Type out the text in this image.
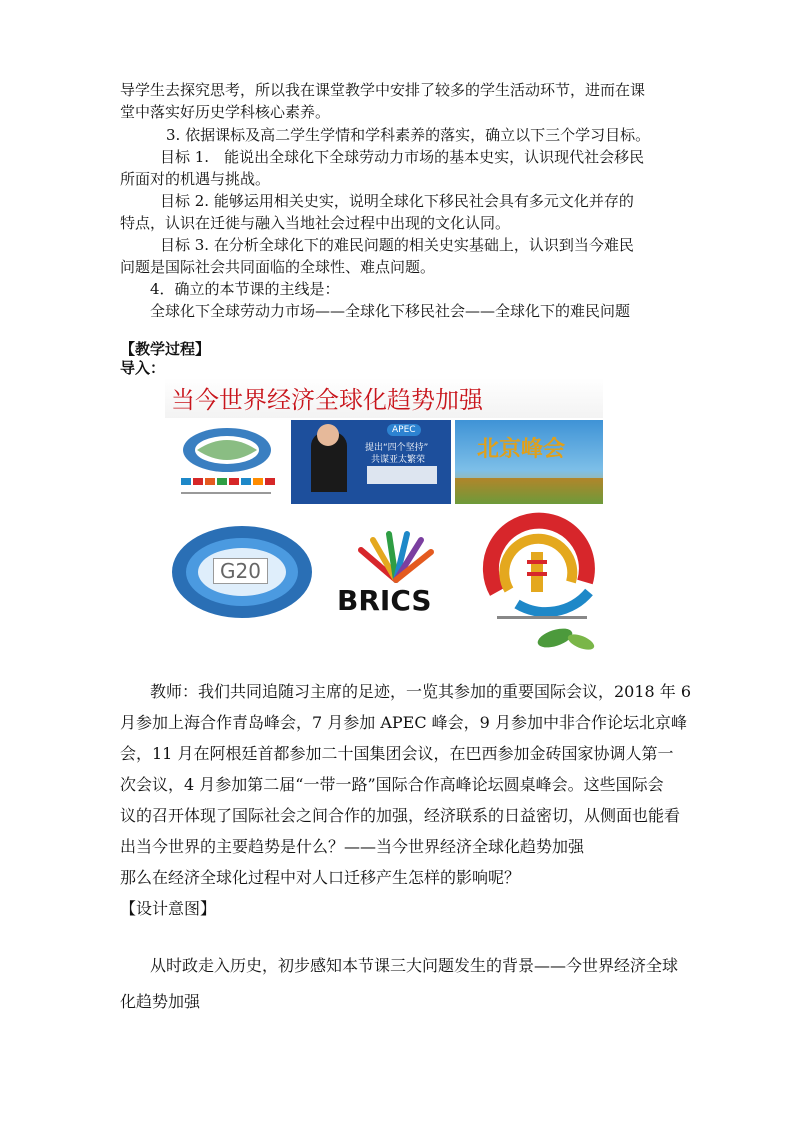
导学生去探究思考，所以我在课堂教学中安排了较多的学生活动环节，进而在课
堂中落实好历史学科核心素养。
3. 依据课标及高二学生学情和学科素养的落实，确立以下三个学习目标。
目标 1.　能说出全球化下全球劳动力市场的基本史实，认识现代社会移民
所面对的机遇与挑战。
目标 2. 能够运用相关史实，说明全球化下移民社会具有多元文化并存的
特点，认识在迁徙与融入当地社会过程中出现的文化认同。
目标 3. 在分析全球化下的难民问题的相关史实基础上，认识到当今难民
问题是国际社会共同面临的全球性、难点问题。
4．确立的本节课的主线是：
全球化下全球劳动力市场——全球化下移民社会——全球化下的难民问题
【教学过程】
导入：
当今世界经济全球化趋势加强
APEC
提出“四个坚持”
共谋亚太繁荣 北京峰会
G20
BRICS
教师：我们共同追随习主席的足迹，一览其参加的重要国际会议，2018 年 6
月参加上海合作青岛峰会，7 月参加 APEC 峰会，9 月参加中非合作论坛北京峰
会，11 月在阿根廷首都参加二十国集团会议，在巴西参加金砖国家协调人第一
次会议，4 月参加第二届“一带一路”国际合作高峰论坛圆桌峰会。这些国际会
议的召开体现了国际社会之间合作的加强，经济联系的日益密切，从侧面也能看
出当今世界的主要趋势是什么？——当今世界经济全球化趋势加强
那么在经济全球化过程中对人口迁移产生怎样的影响呢？
【设计意图】
从时政走入历史，初步感知本节课三大问题发生的背景——今世界经济全球
化趋势加强
